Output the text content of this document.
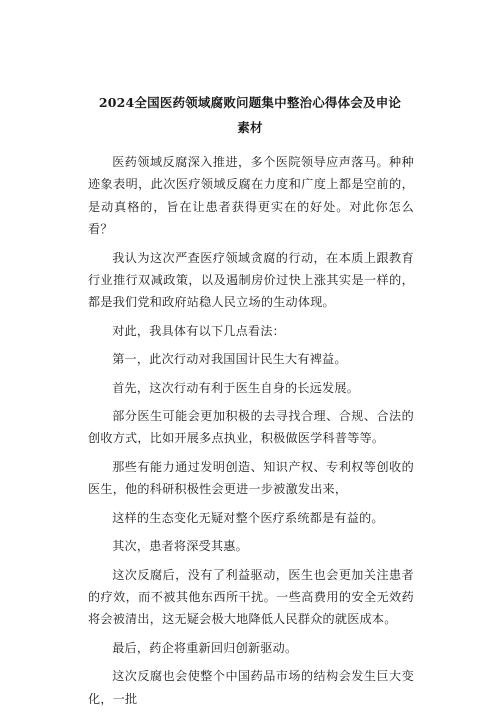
2024全国医药领域腐败问题集中整治心得体会及申论
素材

医药领域反腐深入推进，多个医院领导应声落马。种种迹象表明，此次医疗领域反腐在力度和广度上都是空前的，是动真格的，旨在让患者获得更实在的好处。对此你怎么看？

我认为这次严查医疗领域贪腐的行动，在本质上跟教育行业推行双减政策，以及遏制房价过快上涨其实是一样的，都是我们党和政府站稳人民立场的生动体现。

对此，我具体有以下几点看法：

第一，此次行动对我国国计民生大有裨益。

首先，这次行动有利于医生自身的长远发展。

部分医生可能会更加积极的去寻找合理、合规、合法的创收方式，比如开展多点执业，积极做医学科普等等。

那些有能力通过发明创造、知识产权、专利权等创收的医生，他的科研积极性会更进一步被激发出来，

这样的生态变化无疑对整个医疗系统都是有益的。

其次，患者将深受其惠。

这次反腐后，没有了利益驱动，医生也会更加关注患者的疗效，而不被其他东西所干扰。一些高费用的安全无效药将会被清出，这无疑会极大地降低人民群众的就医成本。

最后，药企将重新回归创新驱动。

这次反腐也会使整个中国药品市场的结构会发生巨大变化，一批
